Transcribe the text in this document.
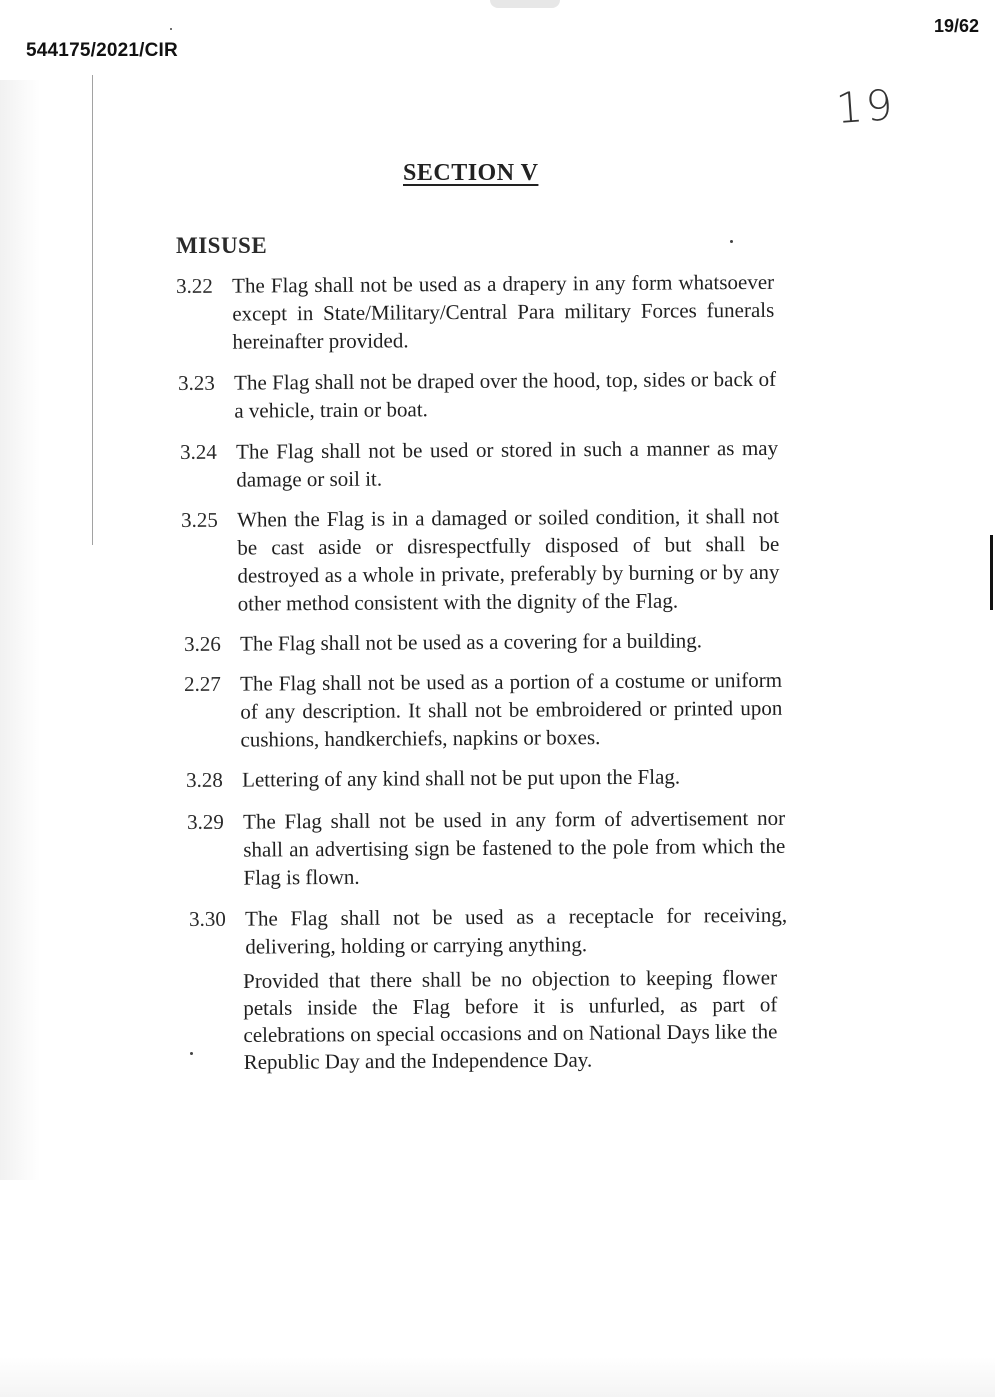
544175/2021/CIR
19/62
19
SECTION V
MISUSE
3.22 The Flag shall not be used as a drapery in any form whatsoever except in State/Military/Central Para military Forces funerals hereinafter provided.
3.23 The Flag shall not be draped over the hood, top, sides or back of a vehicle, train or boat.
3.24 The Flag shall not be used or stored in such a manner as may damage or soil it.
3.25 When the Flag is in a damaged or soiled condition, it shall not be cast aside or disrespectfully disposed of but shall be destroyed as a whole in private, preferably by burning or by any other method consistent with the dignity of the Flag.
3.26 The Flag shall not be used as a covering for a building.
2.27 The Flag shall not be used as a portion of a costume or uniform of any description. It shall not be embroidered or printed upon cushions, handkerchiefs, napkins or boxes.
3.28 Lettering of any kind shall not be put upon the Flag.
3.29 The Flag shall not be used in any form of advertisement nor shall an advertising sign be fastened to the pole from which the Flag is flown.
3.30 The Flag shall not be used as a receptacle for receiving, delivering, holding or carrying anything.
Provided that there shall be no objection to keeping flower petals inside the Flag before it is unfurled, as part of celebrations on special occasions and on National Days like the Republic Day and the Independence Day.
